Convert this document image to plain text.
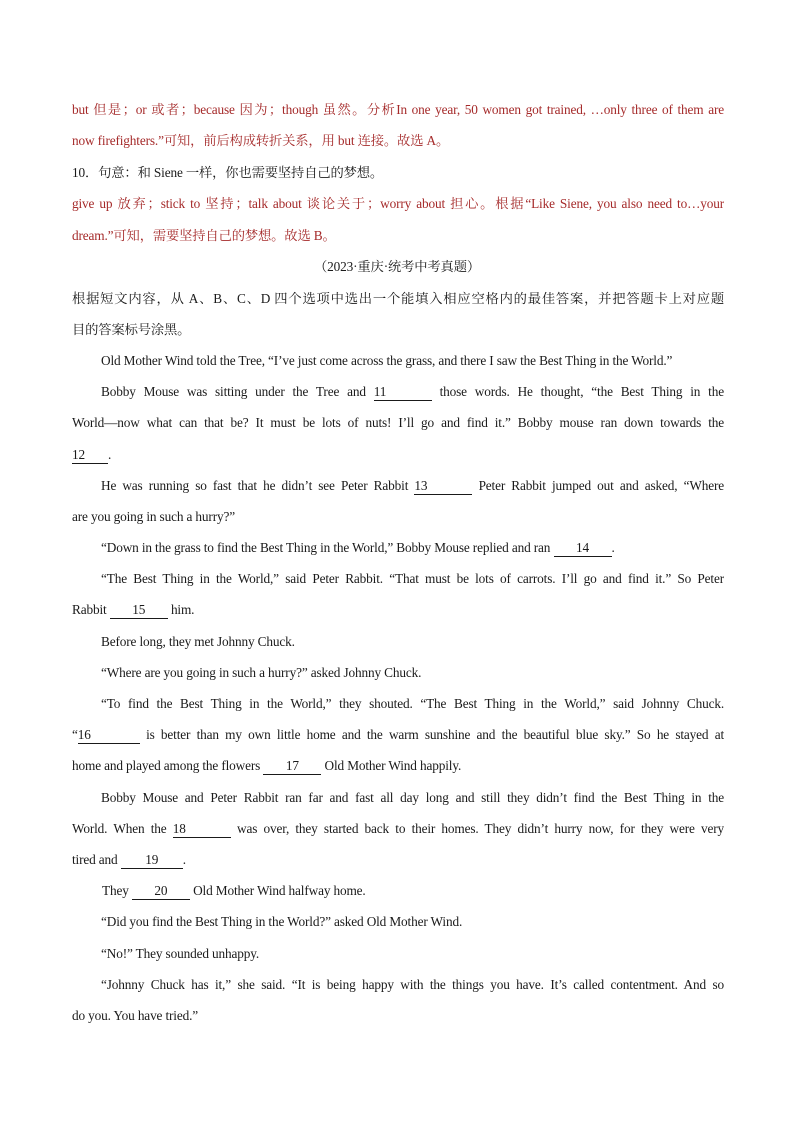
but 但是；or 或者；because 因为；though 虽然。分析In one year, 50 women got trained, …only three of them are
now firefighters.”可知，前后构成转折关系，用 but 连接。故选 A。
10．句意：和 Siene 一样，你也需要坚持自己的梦想。
give up 放弃；stick to 坚持；talk about 谈论关于；worry about 担心。根据“Like Siene, you also need to…your
dream.”可知，需要坚持自己的梦想。故选 B。
（2023·重庆·统考中考真题）
根据短文内容，从 A、B、C、D 四个选项中选出一个能填入相应空格内的最佳答案，并把答题卡上对应题
目的答案标号涂黑。
Old Mother Wind told the Tree, “I’ve just come across the grass, and there I saw the Best Thing in the World.”
Bobby Mouse was sitting under the Tree and 11	those words. He thought, “the Best Thing in the
World—now what can that be? It must be lots of nuts! I’ll go and find it.” Bobby mouse ran down towards the
12 .
He was running so fast that he didn’t see Peter Rabbit 13	Peter Rabbit jumped out and asked, “Where
are you going in such a hurry?”
“Down in the grass to find the Best Thing in the World,” Bobby Mouse replied and ran 14 .
“The Best Thing in the World,” said Peter Rabbit. “That must be lots of carrots. I’ll go and find it.” So Peter
Rabbit 15 him.
Before long, they met Johnny Chuck.
“Where are you going in such a hurry?” asked Johnny Chuck.
“To find the Best Thing in the World,” they shouted. “The Best Thing in the World,” said Johnny Chuck.
“16	is better than my own little home and the warm sunshine and the beautiful blue sky.” So he stayed at
home and played among the flowers 17 Old Mother Wind happily.
Bobby Mouse and Peter Rabbit ran far and fast all day long and still they didn’t find the Best Thing in the
World. When the 18	was over, they started back to their homes. They didn’t hurry now, for they were very
tired and 19 .
They 20 Old Mother Wind halfway home.
“Did you find the Best Thing in the World?” asked Old Mother Wind.
“No!” They sounded unhappy.
“Johnny Chuck has it,” she said. “It is being happy with the things you have. It’s called contentment. And so
do you. You have tried.”
